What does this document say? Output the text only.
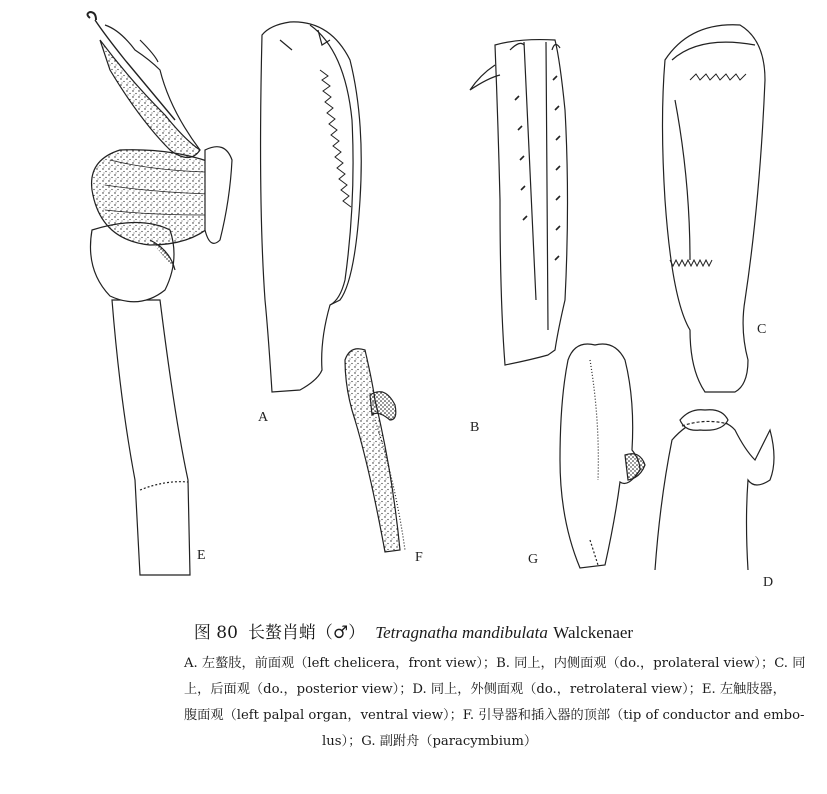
A
B
C
D
E	F	G
图 80 长螯肖蛸（♂） Tetragnatha mandibulata Walckenaer
A. 左螯肢，前面观（left chelicera，front view）；B. 同上，内侧面观（do.，prolateral view）；C. 同
上，后面观（do.，posterior view）；D. 同上，外侧面观（do.，retrolateral view）；E. 左触肢器，
腹面观（left palpal organ，ventral view）；F. 引导器和插入器的顶部（tip of conductor and embo-
lus）；G. 副跗舟（paracymbium）
